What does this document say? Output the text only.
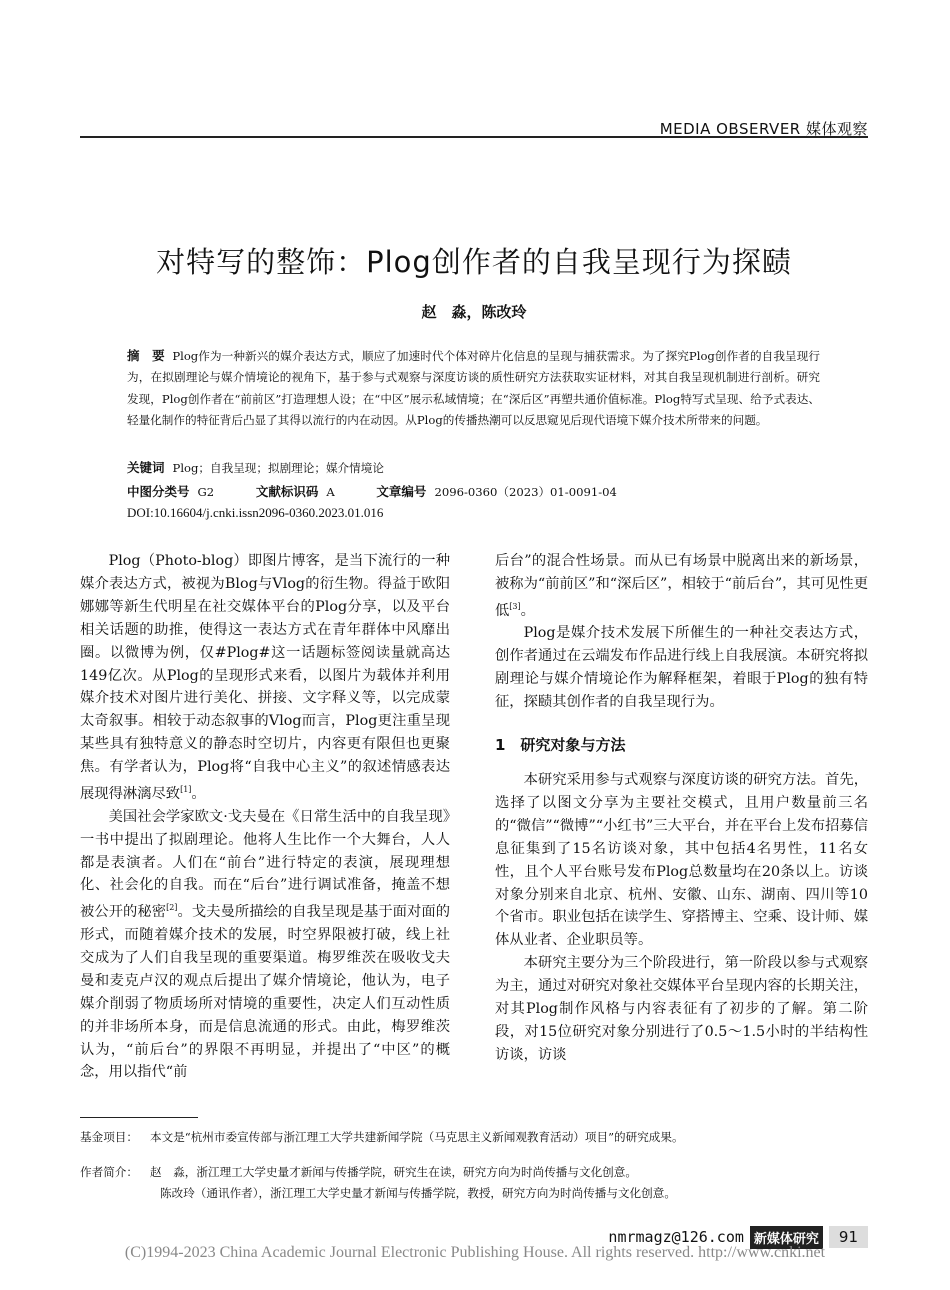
MEDIA OBSERVER 媒体观察
对特写的整饰：Plog创作者的自我呈现行为探赜
赵　淼，陈改玲
摘　要 Plog作为一种新兴的媒介表达方式，顺应了加速时代个体对碎片化信息的呈现与捕获需求。为了探究Plog创作者的自我呈现行为，在拟剧理论与媒介情境论的视角下，基于参与式观察与深度访谈的质性研究方法获取实证材料，对其自我呈现机制进行剖析。研究发现，Plog创作者在“前前区”打造理想人设；在“中区”展示私域情境；在“深后区”再塑共通价值标准。Plog特写式呈现、给予式表达、轻量化制作的特征背后凸显了其得以流行的内在动因。从Plog的传播热潮可以反思窥见后现代语境下媒介技术所带来的问题。
关键词 Plog；自我呈现；拟剧理论；媒介情境论
中图分类号 G2	文献标识码 A	文章编号 2096-0360（2023）01-0091-04
DOI:10.16604/j.cnki.issn2096-0360.2023.01.016

Plog（Photo-blog）即图片博客，是当下流行的一种媒介表达方式，被视为Blog与Vlog的衍生物。得益于欧阳娜娜等新生代明星在社交媒体平台的Plog分享，以及平台相关话题的助推，使得这一表达方式在青年群体中风靡出圈。以微博为例，仅#Plog#这一话题标签阅读量就高达149亿次。从Plog的呈现形式来看，以图片为载体并利用媒介技术对图片进行美化、拼接、文字释义等，以完成蒙太奇叙事。相较于动态叙事的Vlog而言，Plog更注重呈现某些具有独特意义的静态时空切片，内容更有限但也更聚焦。有学者认为，Plog将“自我中心主义”的叙述情感表达展现得淋漓尽致[1]。

美国社会学家欧文·戈夫曼在《日常生活中的自我呈现》一书中提出了拟剧理论。他将人生比作一个大舞台，人人都是表演者。人们在“前台”进行特定的表演，展现理想化、社会化的自我。而在“后台”进行调试准备，掩盖不想被公开的秘密[2]。戈夫曼所描绘的自我呈现是基于面对面的形式，而随着媒介技术的发展，时空界限被打破，线上社交成为了人们自我呈现的重要渠道。梅罗维茨在吸收戈夫曼和麦克卢汉的观点后提出了媒介情境论，他认为，电子媒介削弱了物质场所对情境的重要性，决定人们互动性质的并非场所本身，而是信息流通的形式。由此，梅罗维茨认为，“前后台”的界限不再明显，并提出了“中区”的概念，用以指代“前

后台”的混合性场景。而从已有场景中脱离出来的新场景，被称为“前前区”和“深后区”，相较于“前后台”，其可见性更低[3]。

Plog是媒介技术发展下所催生的一种社交表达方式，创作者通过在云端发布作品进行线上自我展演。本研究将拟剧理论与媒介情境论作为解释框架，着眼于Plog的独有特征，探赜其创作者的自我呈现行为。

1　研究对象与方法

本研究采用参与式观察与深度访谈的研究方法。首先，选择了以图文分享为主要社交模式，且用户数量前三名的“微信”“微博”“小红书”三大平台，并在平台上发布招募信息征集到了15名访谈对象，其中包括4名男性，11名女性，且个人平台账号发布Plog总数量均在20条以上。访谈对象分别来自北京、杭州、安徽、山东、湖南、四川等10个省市。职业包括在读学生、穿搭博主、空乘、设计师、媒体从业者、企业职员等。

本研究主要分为三个阶段进行，第一阶段以参与式观察为主，通过对研究对象社交媒体平台呈现内容的长期关注，对其Plog制作风格与内容表征有了初步的了解。第二阶段，对15位研究对象分别进行了0.5～1.5小时的半结构性访谈，访谈

基金项目：	本文是“杭州市委宣传部与浙江理工大学共建新闻学院（马克思主义新闻观教育活动）项目”的研究成果。
作者简介：	赵　淼，浙江理工大学史量才新闻与传播学院，研究生在读，研究方向为时尚传播与文化创意。
陈改玲（通讯作者），浙江理工大学史量才新闻与传播学院，教授，研究方向为时尚传播与文化创意。
nmrmagz@126.com 新媒体研究	91
(C)1994-2023 China Academic Journal Electronic Publishing House. All rights reserved. http://www.cnki.net
